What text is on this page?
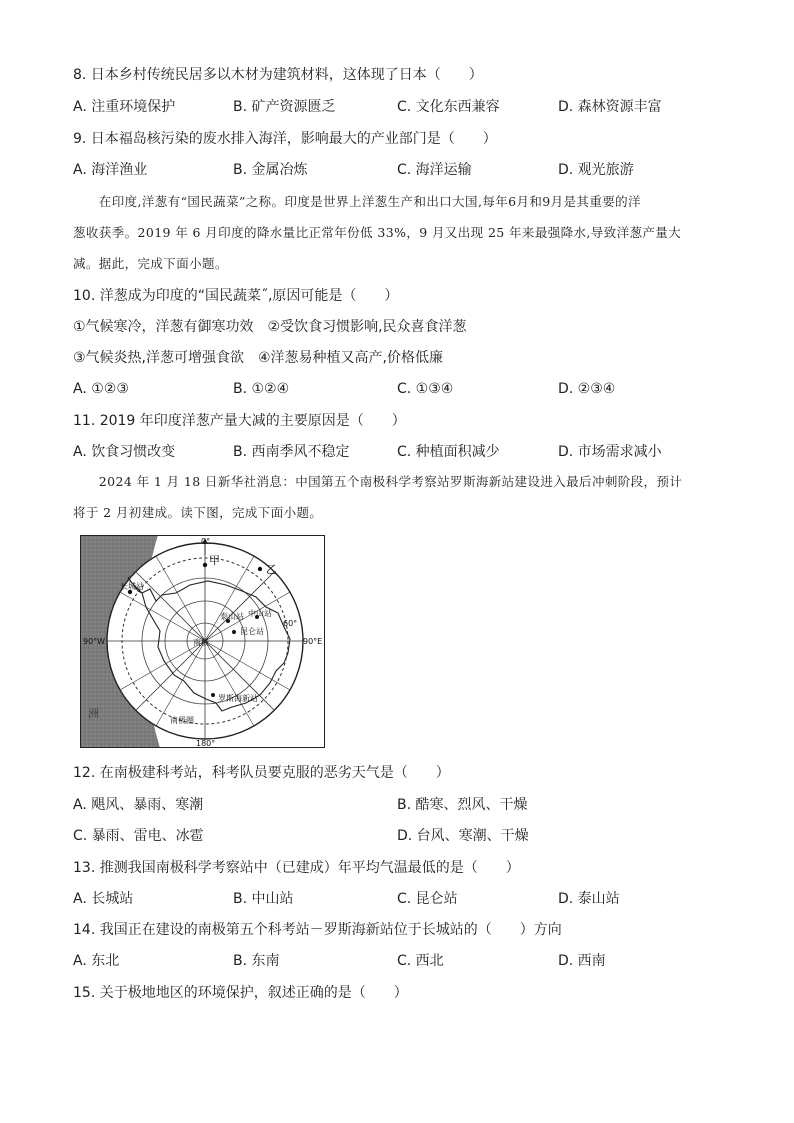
8. 日本乡村传统民居多以木材为建筑材料，这体现了日本（　　）
A. 注重环境保护	B. 矿产资源匮乏	C. 文化东西兼容	D. 森林资源丰富
9. 日本福岛核污染的废水排入海洋，影响最大的产业部门是（　　）
A. 海洋渔业	B. 金属冶炼	C. 海洋运输	D. 观光旅游

　　在印度,洋葱有“国民蔬菜”之称。印度是世界上洋葱生产和出口大国,每年6月和9月是其重要的洋

葱收获季。2019 年 6 月印度的降水量比正常年份低 33%，9 月又出现 25 年来最强降水,导致洋葱产量大

减。据此，完成下面小题。

10. 洋葱成为印度的“国民蔬菜˝,原因可能是（　　）
①气候寒冷，洋葱有御寒功效　②受饮食习惯影响,民众喜食洋葱
③气候炎热,洋葱可增强食欲　④洋葱易种植又高产,价格低廉
A. ①②③	B. ①②④	C. ①③④	D. ②③④
11. 2019 年印度洋葱产量大减的主要原因是（　　）
A. 饮食习惯改变	B. 西南季风不稳定	C. 种植面积减少	D. 市场需求减小

　　2024 年 1 月 18 日新华社消息：中国第五个南极科学考察站罗斯海新站建设进入最后冲刺阶段，预计

将于 2 月初建成。读下图，完成下面小题。

0°
甲
乙
长城站
中山站
泰山站
昆仑站
60°
90°W	90°E
南极
罗斯海新站
南极圈
180°
洲
12. 在南极建科考站，科考队员要克服的恶劣天气是（　　）
A. 飓风、暴雨、寒潮	B. 酷寒、烈风、干燥
C. 暴雨、雷电、冰雹	D. 台风、寒潮、干燥
13. 推测我国南极科学考察站中（已建成）年平均气温最低的是（　　）
A. 长城站	B. 中山站	C. 昆仑站	D. 泰山站
14. 我国正在建设的南极第五个科考站－罗斯海新站位于长城站的（　　）方向
A. 东北	B. 东南	C. 西北	D. 西南
15. 关于极地地区的环境保护，叙述正确的是（　　）
